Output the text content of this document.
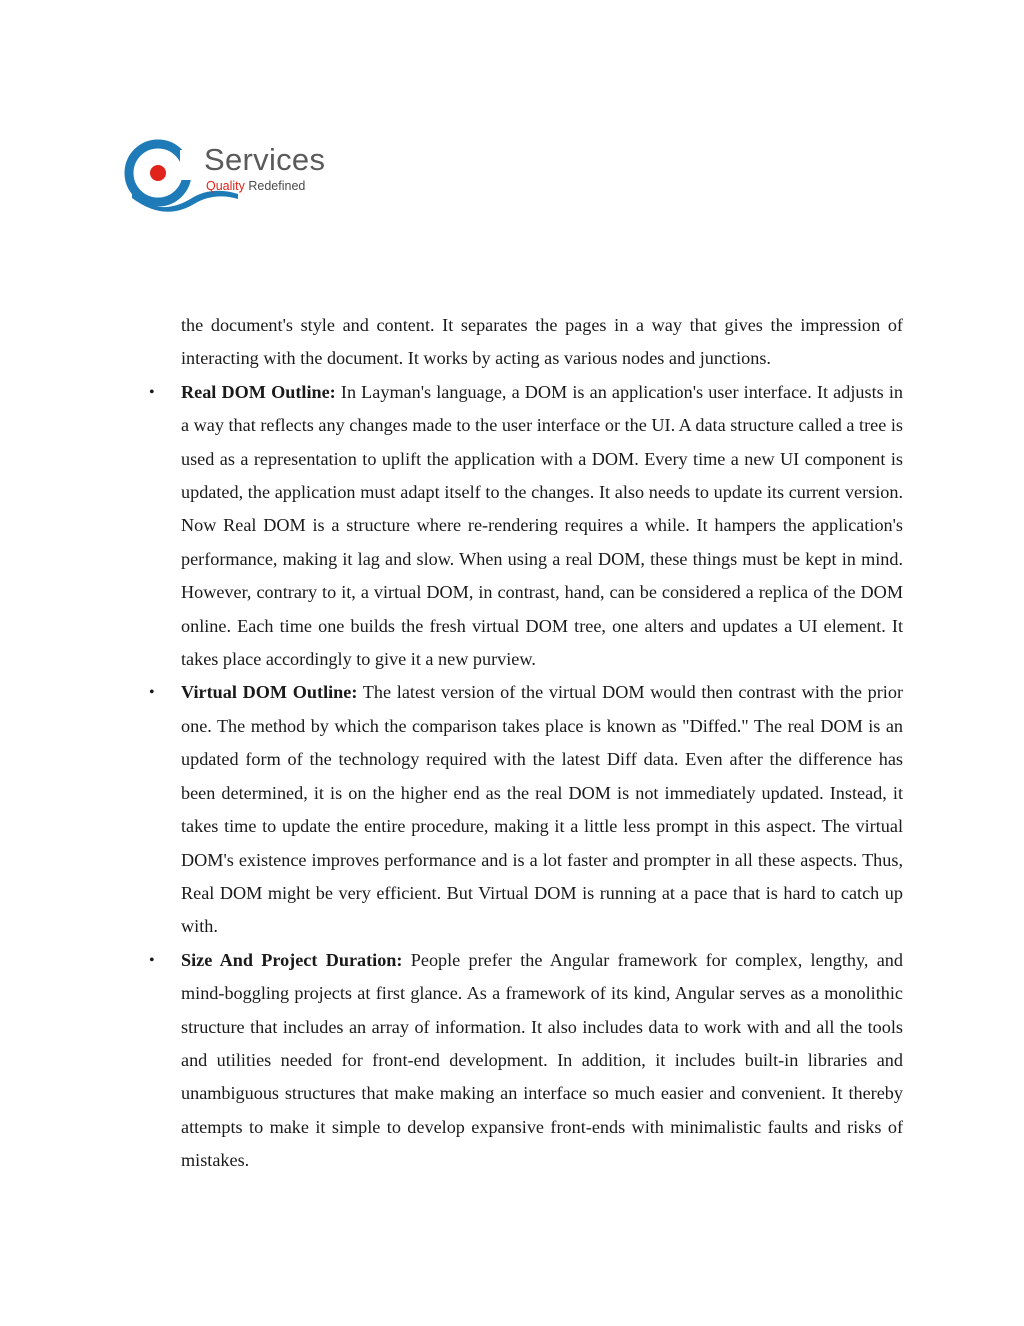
Services
Quality Redefined

the document's style and content. It separates the pages in a way that gives the impression of interacting with the document. It works by acting as various nodes and junctions.

• Real DOM Outline: In Layman's language, a DOM is an application's user interface. It adjusts in a way that reflects any changes made to the user interface or the UI. A data structure called a tree is used as a representation to uplift the application with a DOM. Every time a new UI component is updated, the application must adapt itself to the changes. It also needs to update its current version. Now Real DOM is a structure where re-rendering requires a while. It hampers the application's performance, making it lag and slow. When using a real DOM, these things must be kept in mind. However, contrary to it, a virtual DOM, in contrast, hand, can be considered a replica of the DOM online. Each time one builds the fresh virtual DOM tree, one alters and updates a UI element. It takes place accordingly to give it a new purview.
• Virtual DOM Outline: The latest version of the virtual DOM would then contrast with the prior one. The method by which the comparison takes place is known as "Diffed." The real DOM is an updated form of the technology required with the latest Diff data. Even after the difference has been determined, it is on the higher end as the real DOM is not immediately updated. Instead, it takes time to update the entire procedure, making it a little less prompt in this aspect. The virtual DOM's existence improves performance and is a lot faster and prompter in all these aspects. Thus, Real DOM might be very efficient. But Virtual DOM is running at a pace that is hard to catch up with.
• Size And Project Duration: People prefer the Angular framework for complex, lengthy, and mind-boggling projects at first glance. As a framework of its kind, Angular serves as a monolithic structure that includes an array of information. It also includes data to work with and all the tools and utilities needed for front-end development. In addition, it includes built-in libraries and unambiguous structures that make making an interface so much easier and convenient. It thereby attempts to make it simple to develop expansive front-ends with minimalistic faults and risks of mistakes.
